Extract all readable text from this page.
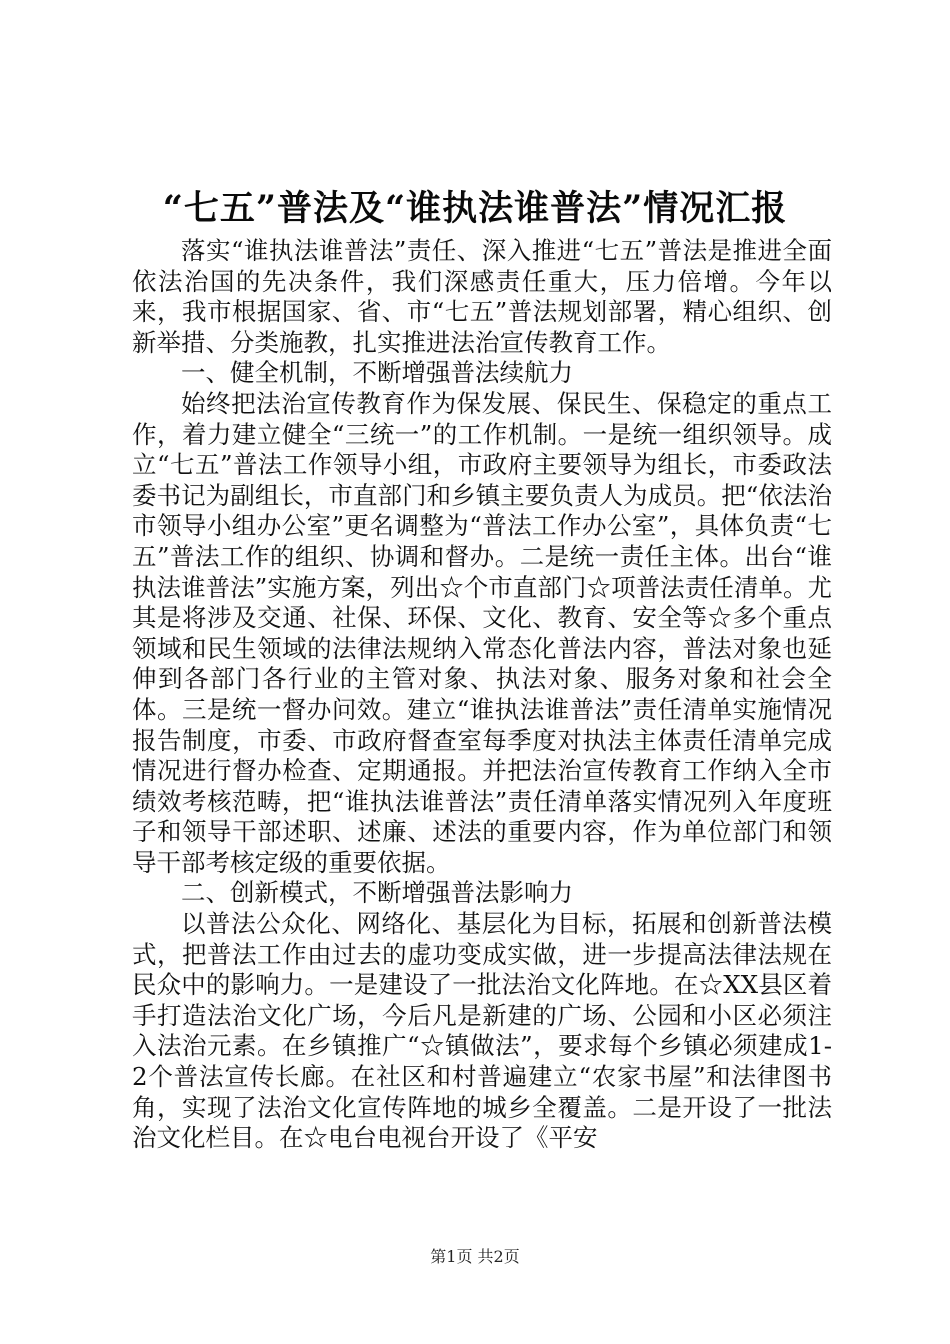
“七五”普法及“谁执法谁普法”情况汇报

落实“谁执法谁普法”责任、深入推进“七五”普法是推进全面依法治国的先决条件，我们深感责任重大，压力倍增。今年以来，我市根据国家、省、市“七五”普法规划部署，精心组织、创新举措、分类施教，扎实推进法治宣传教育工作。

一、健全机制，不断增强普法续航力

始终把法治宣传教育作为保发展、保民生、保稳定的重点工作，着力建立健全“三统一”的工作机制。一是统一组织领导。成立“七五”普法工作领导小组，市政府主要领导为组长，市委政法委书记为副组长，市直部门和乡镇主要负责人为成员。把“依法治市领导小组办公室”更名调整为“普法工作办公室”，具体负责“七五”普法工作的组织、协调和督办。二是统一责任主体。出台“谁执法谁普法”实施方案，列出☆个市直部门☆项普法责任清单。尤其是将涉及交通、社保、环保、文化、教育、安全等☆多个重点领域和民生领域的法律法规纳入常态化普法内容，普法对象也延伸到各部门各行业的主管对象、执法对象、服务对象和社会全体。三是统一督办问效。建立“谁执法谁普法”责任清单实施情况报告制度，市委、市政府督查室每季度对执法主体责任清单完成情况进行督办检查、定期通报。并把法治宣传教育工作纳入全市绩效考核范畴，把“谁执法谁普法”责任清单落实情况列入年度班子和领导干部述职、述廉、述法的重要内容，作为单位部门和领导干部考核定级的重要依据。

二、创新模式，不断增强普法影响力

以普法公众化、网络化、基层化为目标，拓展和创新普法模式，把普法工作由过去的虚功变成实做，进一步提高法律法规在民众中的影响力。一是建设了一批法治文化阵地。在☆XX县区着手打造法治文化广场，今后凡是新建的广场、公园和小区必须注入法治元素。在乡镇推广“☆镇做法”，要求每个乡镇必须建成1-2个普法宣传长廊。在社区和村普遍建立“农家书屋”和法律图书角，实现了法治文化宣传阵地的城乡全覆盖。二是开设了一批法治文化栏目。在☆电台电视台开设了《平安

第1页 共2页
